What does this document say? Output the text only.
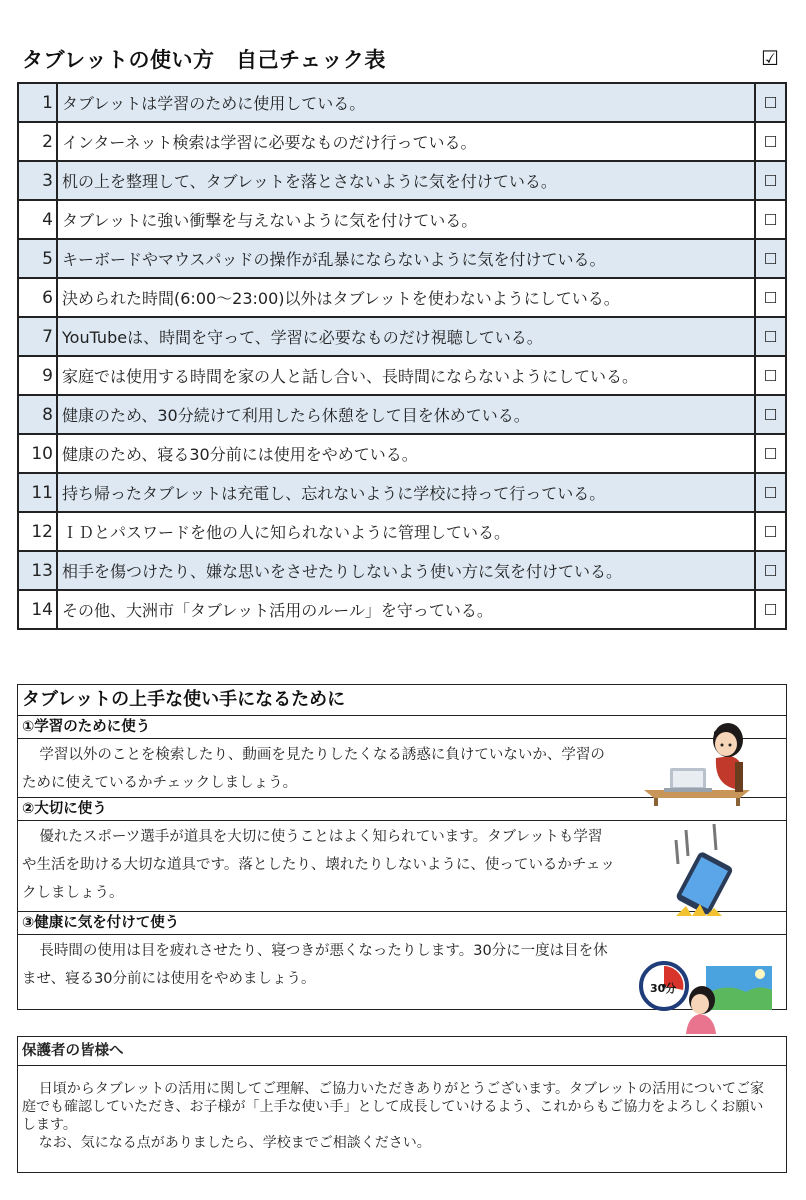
タブレットの使い方　自己チェック表	☑
1	タブレットは学習のために使用している。	☐
2	インターネット検索は学習に必要なものだけ行っている。	☐
3	机の上を整理して、タブレットを落とさないように気を付けている。	☐
4	タブレットに強い衝撃を与えないように気を付けている。	☐
5	キーボードやマウスパッドの操作が乱暴にならないように気を付けている。	☐
6	決められた時間(6:00～23:00)以外はタブレットを使わないようにしている。	☐
7	YouTubeは、時間を守って、学習に必要なものだけ視聴している。	☐
9	家庭では使用する時間を家の人と話し合い、長時間にならないようにしている。	☐
8	健康のため、30分続けて利用したら休憩をして目を休めている。	☐
10	健康のため、寝る30分前には使用をやめている。	☐
11	持ち帰ったタブレットは充電し、忘れないように学校に持って行っている。	☐
12	ＩＤとパスワードを他の人に知られないように管理している。	☐
13	相手を傷つけたり、嫌な思いをさせたりしないよう使い方に気を付けている。	☐
14	その他、大洲市「タブレット活用のルール」を守っている。	☐
タブレットの上手な使い手になるために
①学習のために使う
学習以外のことを検索したり、動画を見たりしたくなる誘惑に負けていないか、学習のために使えているかチェックしましょう。
②大切に使う
優れたスポーツ選手が道具を大切に使うことはよく知られています。タブレットも学習や生活を助ける大切な道具です。落としたり、壊れたりしないように、使っているかチェックしましょう。
③健康に気を付けて使う
長時間の使用は目を疲れさせたり、寝つきが悪くなったりします。30分に一度は目を休ませ、寝る30分前には使用をやめましょう。
30分
保護者の皆様へ

日頃からタブレットの活用に関してご理解、ご協力いただきありがとうございます。タブレットの活用についてご家庭でも確認していただき、お子様が「上手な使い手」として成長していけるよう、これからもご協力をよろしくお願いします。

なお、気になる点がありましたら、学校までご相談ください。
